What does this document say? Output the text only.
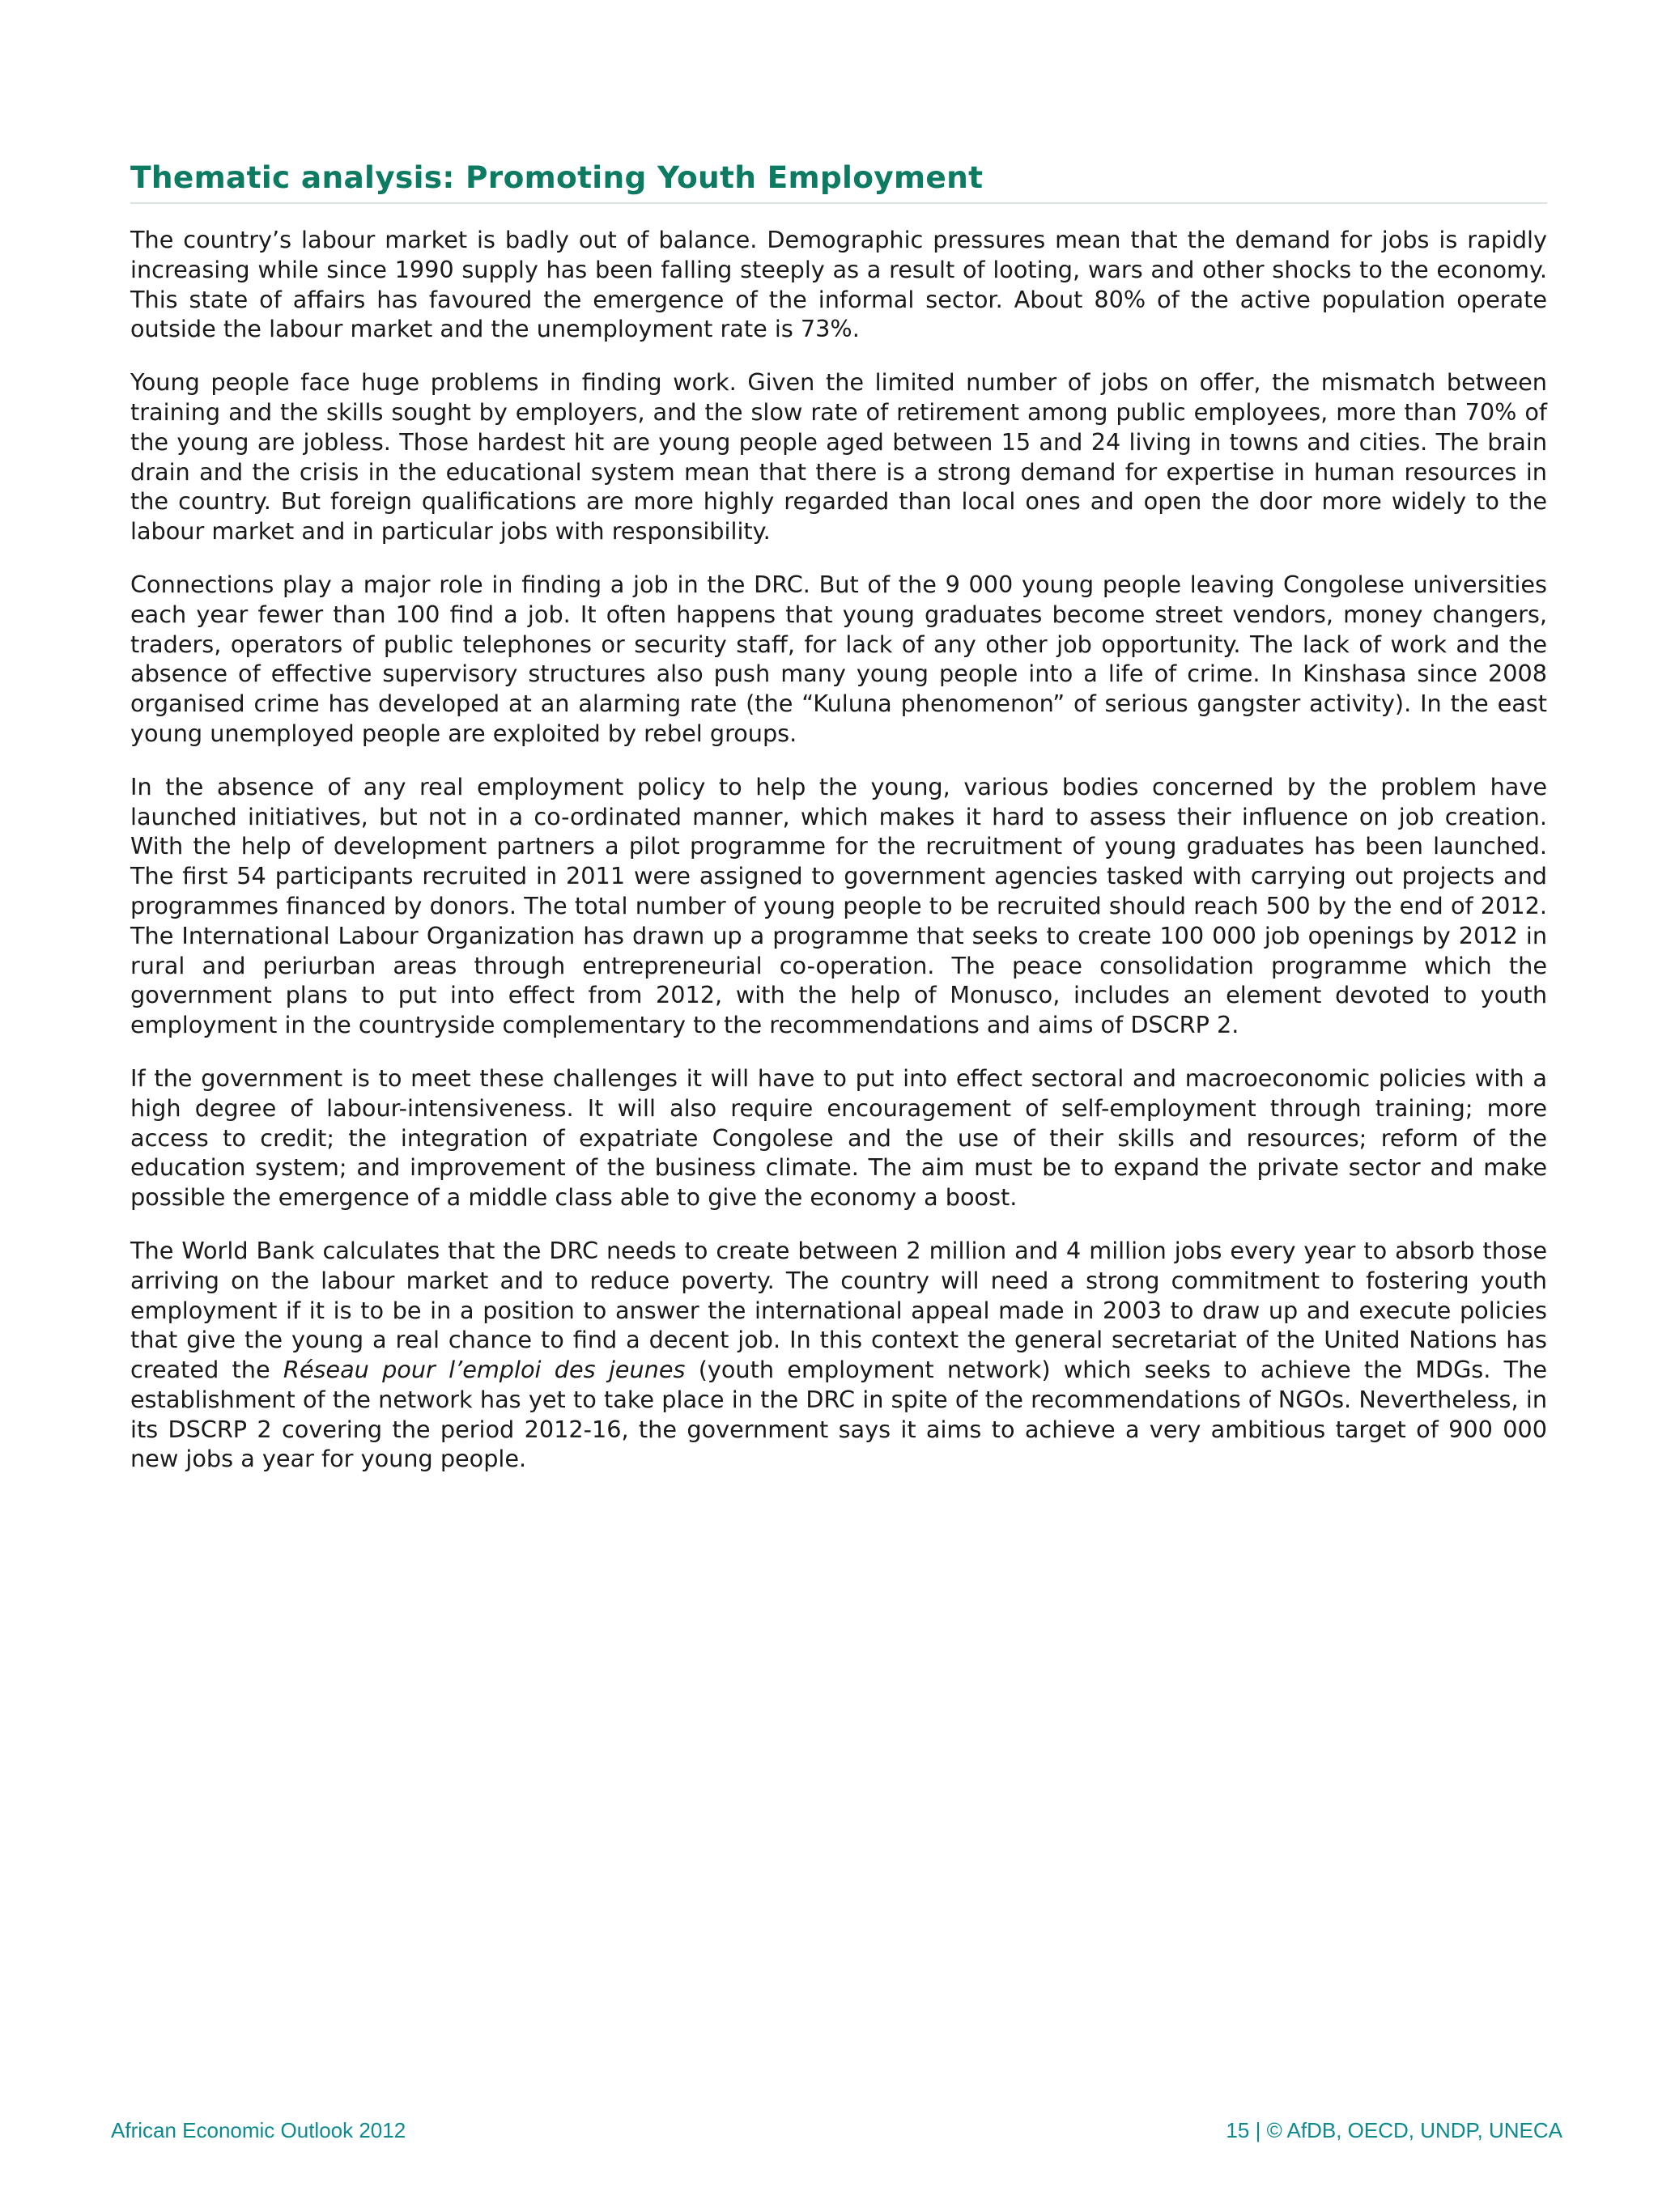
Thematic analysis: Promoting Youth Employment

The country’s labour market is badly out of balance. Demographic pressures mean that the demand for jobs is rapidly increasing while since 1990 supply has been falling steeply as a result of looting, wars and other shocks to the economy. This state of affairs has favoured the emergence of the informal sector. About 80% of the active population operate outside the labour market and the unemployment rate is 73%.

Young people face huge problems in finding work. Given the limited number of jobs on offer, the mismatch between training and the skills sought by employers, and the slow rate of retirement among public employees, more than 70% of the young are jobless. Those hardest hit are young people aged between 15 and 24 living in towns and cities. The brain drain and the crisis in the educational system mean that there is a strong demand for expertise in human resources in the country. But foreign qualifications are more highly regarded than local ones and open the door more widely to the labour market and in particular jobs with responsibility.

Connections play a major role in finding a job in the DRC. But of the 9 000 young people leaving Congolese universities each year fewer than 100 find a job. It often happens that young graduates become street vendors, money changers, traders, operators of public telephones or security staff, for lack of any other job opportunity. The lack of work and the absence of effective supervisory structures also push many young people into a life of crime. In Kinshasa since 2008 organised crime has developed at an alarming rate (the “Kuluna phenomenon” of serious gangster activity). In the east young unemployed people are exploited by rebel groups.

In the absence of any real employment policy to help the young, various bodies concerned by the problem have launched initiatives, but not in a co-ordinated manner, which makes it hard to assess their influence on job creation. With the help of development partners a pilot programme for the recruitment of young graduates has been launched. The first 54 participants recruited in 2011 were assigned to government agencies tasked with carrying out projects and programmes financed by donors. The total number of young people to be recruited should reach 500 by the end of 2012. The International Labour Organization has drawn up a programme that seeks to create 100 000 job openings by 2012 in rural and periurban areas through entrepreneurial co-operation. The peace consolidation programme which the government plans to put into effect from 2012, with the help of Monusco, includes an element devoted to youth employment in the countryside complementary to the recommendations and aims of DSCRP 2.

If the government is to meet these challenges it will have to put into effect sectoral and macroeconomic policies with a high degree of labour-intensiveness. It will also require encouragement of self-employment through training; more access to credit; the integration of expatriate Congolese and the use of their skills and resources; reform of the education system; and improvement of the business climate. The aim must be to expand the private sector and make possible the emergence of a middle class able to give the economy a boost.

The World Bank calculates that the DRC needs to create between 2 million and 4 million jobs every year to absorb those arriving on the labour market and to reduce poverty. The country will need a strong commitment to fostering youth employment if it is to be in a position to answer the international appeal made in 2003 to draw up and execute policies that give the young a real chance to find a decent job. In this context the general secretariat of the United Nations has created the Réseau pour l’emploi des jeunes (youth employment network) which seeks to achieve the MDGs. The establishment of the network has yet to take place in the DRC in spite of the recommendations of NGOs. Nevertheless, in its DSCRP 2 covering the period 2012-16, the government says it aims to achieve a very ambitious target of 900 000 new jobs a year for young people.

African Economic Outlook 2012	15 | © AfDB, OECD, UNDP, UNECA
